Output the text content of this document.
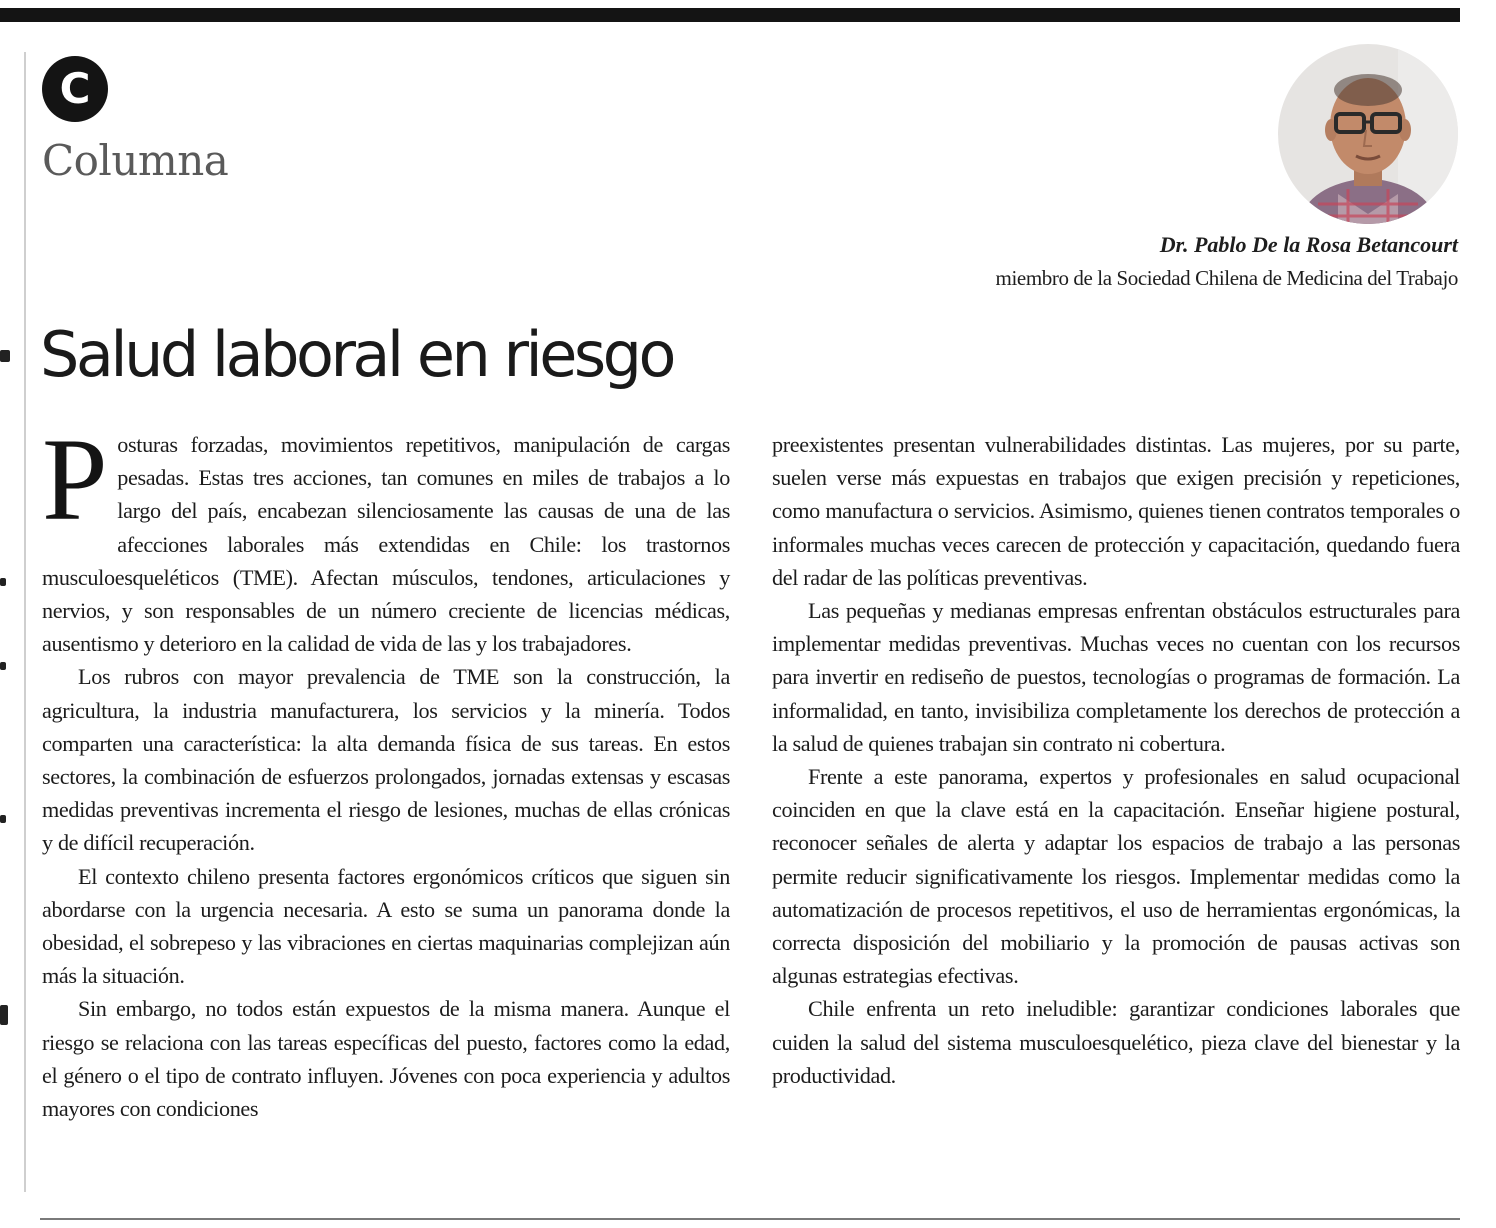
C
Columna
Dr. Pablo De la Rosa Betancourt
miembro de la Sociedad Chilena de Medicina del Trabajo
Salud laboral en riesgo

Posturas forzadas, movimientos repetitivos, manipulación de cargas pesadas. Estas tres acciones, tan comunes en miles de trabajos a lo largo del país, encabezan silenciosamente las causas de una de las afecciones laborales más extendidas en Chile: los trastornos musculoesqueléticos (TME). Afectan músculos, tendones, articulaciones y nervios, y son responsables de un número creciente de licencias médicas, ausentismo y deterioro en la calidad de vida de las y los trabajadores.

Los rubros con mayor prevalencia de TME son la construcción, la agricultura, la industria manufacturera, los servicios y la minería. Todos comparten una característica: la alta demanda física de sus tareas. En estos sectores, la combinación de esfuerzos prolongados, jornadas extensas y escasas medidas preventivas incrementa el riesgo de lesiones, muchas de ellas crónicas y de difícil recuperación.

El contexto chileno presenta factores ergonómicos críticos que siguen sin abordarse con la urgencia necesaria. A esto se suma un panorama donde la obesidad, el sobrepeso y las vibraciones en ciertas maquinarias complejizan aún más la situación.

Sin embargo, no todos están expuestos de la misma manera. Aunque el riesgo se relaciona con las tareas específicas del puesto, factores como la edad, el género o el tipo de contrato influyen. Jóvenes con poca experiencia y adultos mayores con condiciones

preexistentes presentan vulnerabilidades distintas. Las mujeres, por su parte, suelen verse más expuestas en trabajos que exigen precisión y repeticiones, como manufactura o servicios. Asimismo, quienes tienen contratos temporales o informales muchas veces carecen de protección y capacitación, quedando fuera del radar de las políticas preventivas.

Las pequeñas y medianas empresas enfrentan obstáculos estructurales para implementar medidas preventivas. Muchas veces no cuentan con los recursos para invertir en rediseño de puestos, tecnologías o programas de formación. La informalidad, en tanto, invisibiliza completamente los derechos de protección a la salud de quienes trabajan sin contrato ni cobertura.

Frente a este panorama, expertos y profesionales en salud ocupacional coinciden en que la clave está en la capacitación. Enseñar higiene postural, reconocer señales de alerta y adaptar los espacios de trabajo a las personas permite reducir significativamente los riesgos. Implementar medidas como la automatización de procesos repetitivos, el uso de herramientas ergonómicas, la correcta disposición del mobiliario y la promoción de pausas activas son algunas estrategias efectivas.

Chile enfrenta un reto ineludible: garantizar condiciones laborales que cuiden la salud del sistema musculoesquelético, pieza clave del bienestar y la productividad.
